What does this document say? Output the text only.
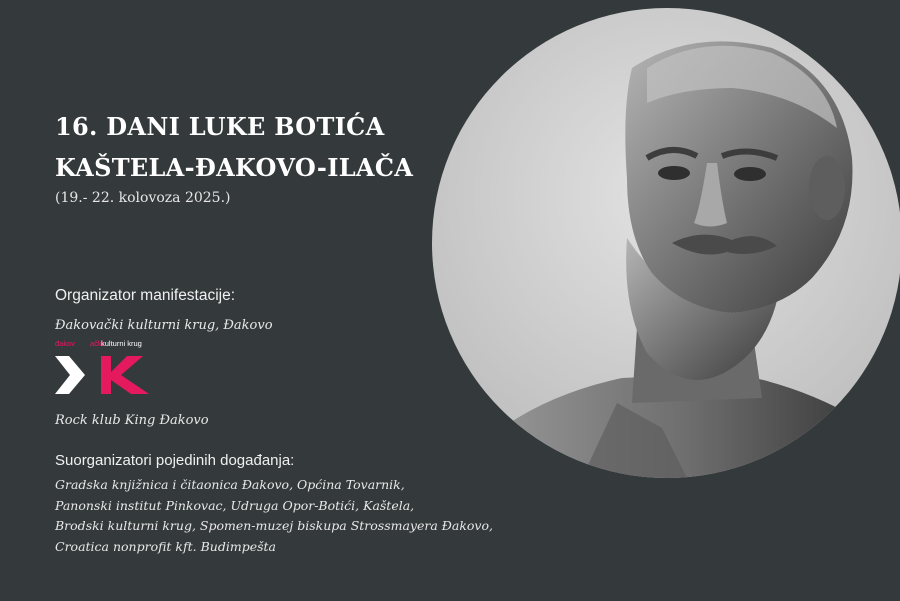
16. DANI LUKE BOTIĆA
KAŠTELA-ĐAKOVO-ILAČA
(19.- 22. kolovoza 2025.)
Organizator manifestacije:
Đakovački kulturni krug, Đakovo
đakov ački
kulturni krug
Rock klub King Đakovo
Suorganizatori pojedinih događanja:
Gradska knjižnica i čitaonica Đakovo, Općina Tovarnik,
Panonski institut Pinkovac, Udruga Opor-Botići, Kaštela,
Brodski kulturni krug, Spomen-muzej biskupa Strossmayera Đakovo,
Croatica nonprofit kft. Budimpešta
